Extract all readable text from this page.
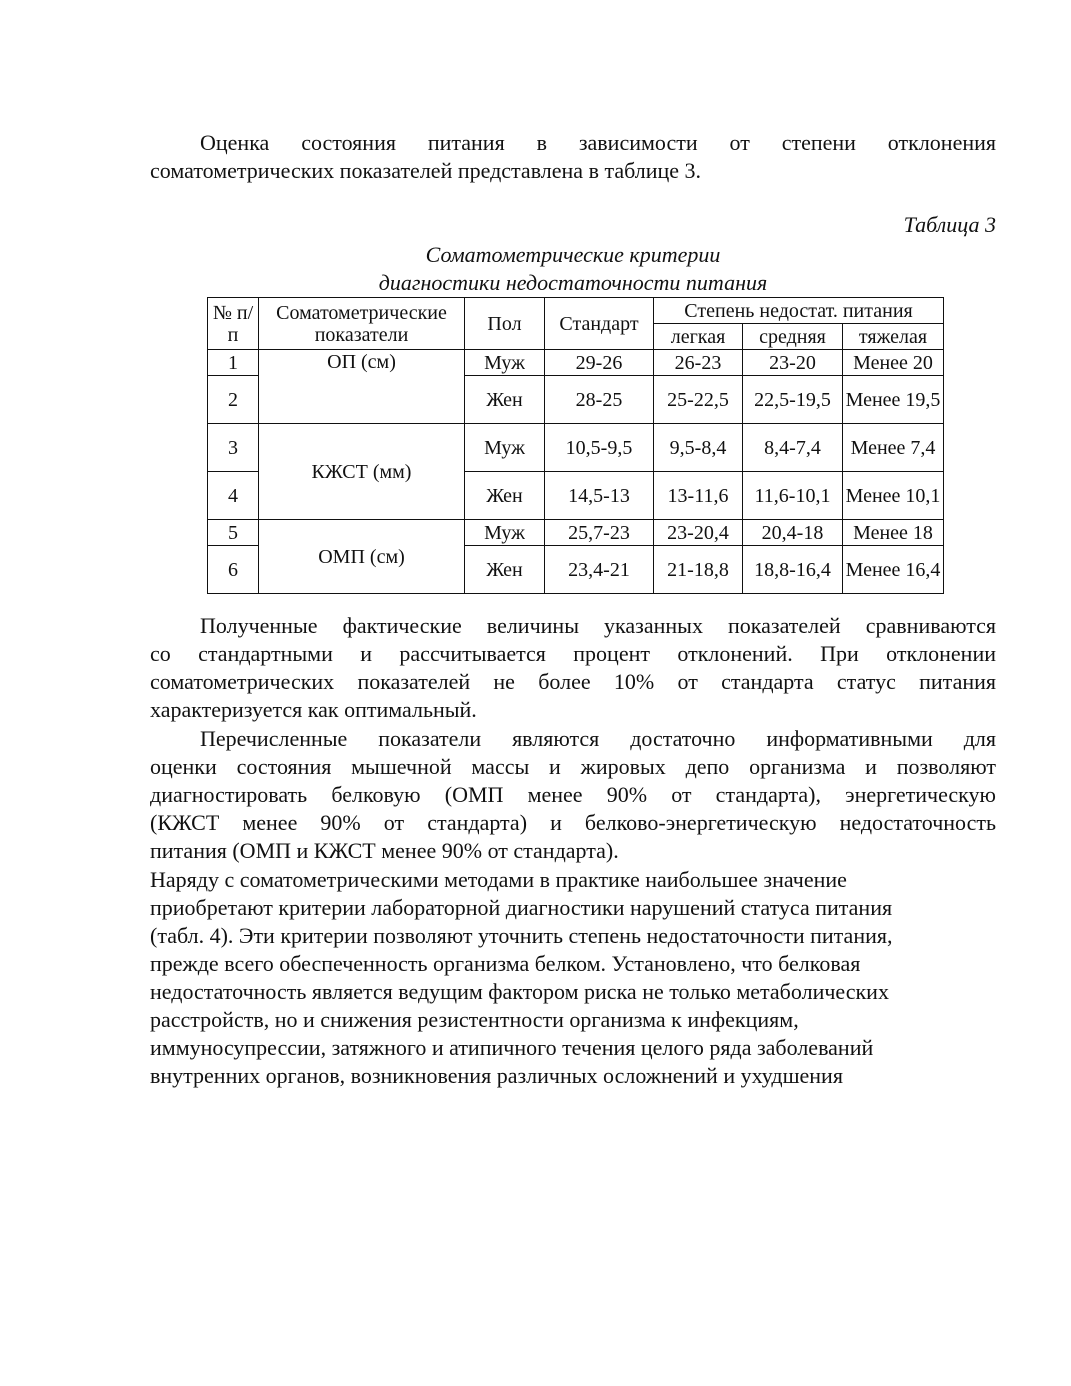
Оценка состояния питания в зависимости от степени отклонения
соматометрических показателей представлена в таблице 3.

Таблица 3

Соматометрические критерии

диагностики недостаточности питания

№ п/п	Соматометрические показатели	Пол	Стандарт	Степень недостат. питания		
				легкая	средняя	тяжелая
1	ОП (см)	Муж	29-26	26-23	23-20	Менее 20
2		Жен	28-25	25-22,5	22,5-19,5	Менее 19,5
3	КЖСТ (мм)	Муж	10,5-9,5	9,5-8,4	8,4-7,4	Менее 7,4
4		Жен	14,5-13	13-11,6	11,6-10,1	Менее 10,1
5	ОМП (см)	Муж	25,7-23	23-20,4	20,4-18	Менее 18
6		Жен	23,4-21	21-18,8	18,8-16,4	Менее 16,4
Полученные фактические величины указанных показателей сравниваются
со стандартными и рассчитывается процент отклонений. При отклонении
соматометрических показателей не более 10% от стандарта статус питания
характеризуется как оптимальный.
Перечисленные показатели являются достаточно информативными для
оценки состояния мышечной массы и жировых депо организма и позволяют
диагностировать белковую (ОМП менее 90% от стандарта), энергетическую
(КЖСТ менее 90% от стандарта) и белково-энергетическую недостаточность
питания (ОМП и КЖСТ менее 90% от стандарта).
Наряду с соматометрическими методами в практике наибольшее значение
приобретают критерии лабораторной диагностики нарушений статуса питания
(табл. 4). Эти критерии позволяют уточнить степень недостаточности питания,
прежде всего обеспеченность организма белком. Установлено, что белковая
недостаточность является ведущим фактором риска не только метаболических
расстройств, но и снижения резистентности организма к инфекциям,
иммуносупрессии, затяжного и атипичного течения целого ряда заболеваний
внутренних органов, возникновения различных осложнений и ухудшения
